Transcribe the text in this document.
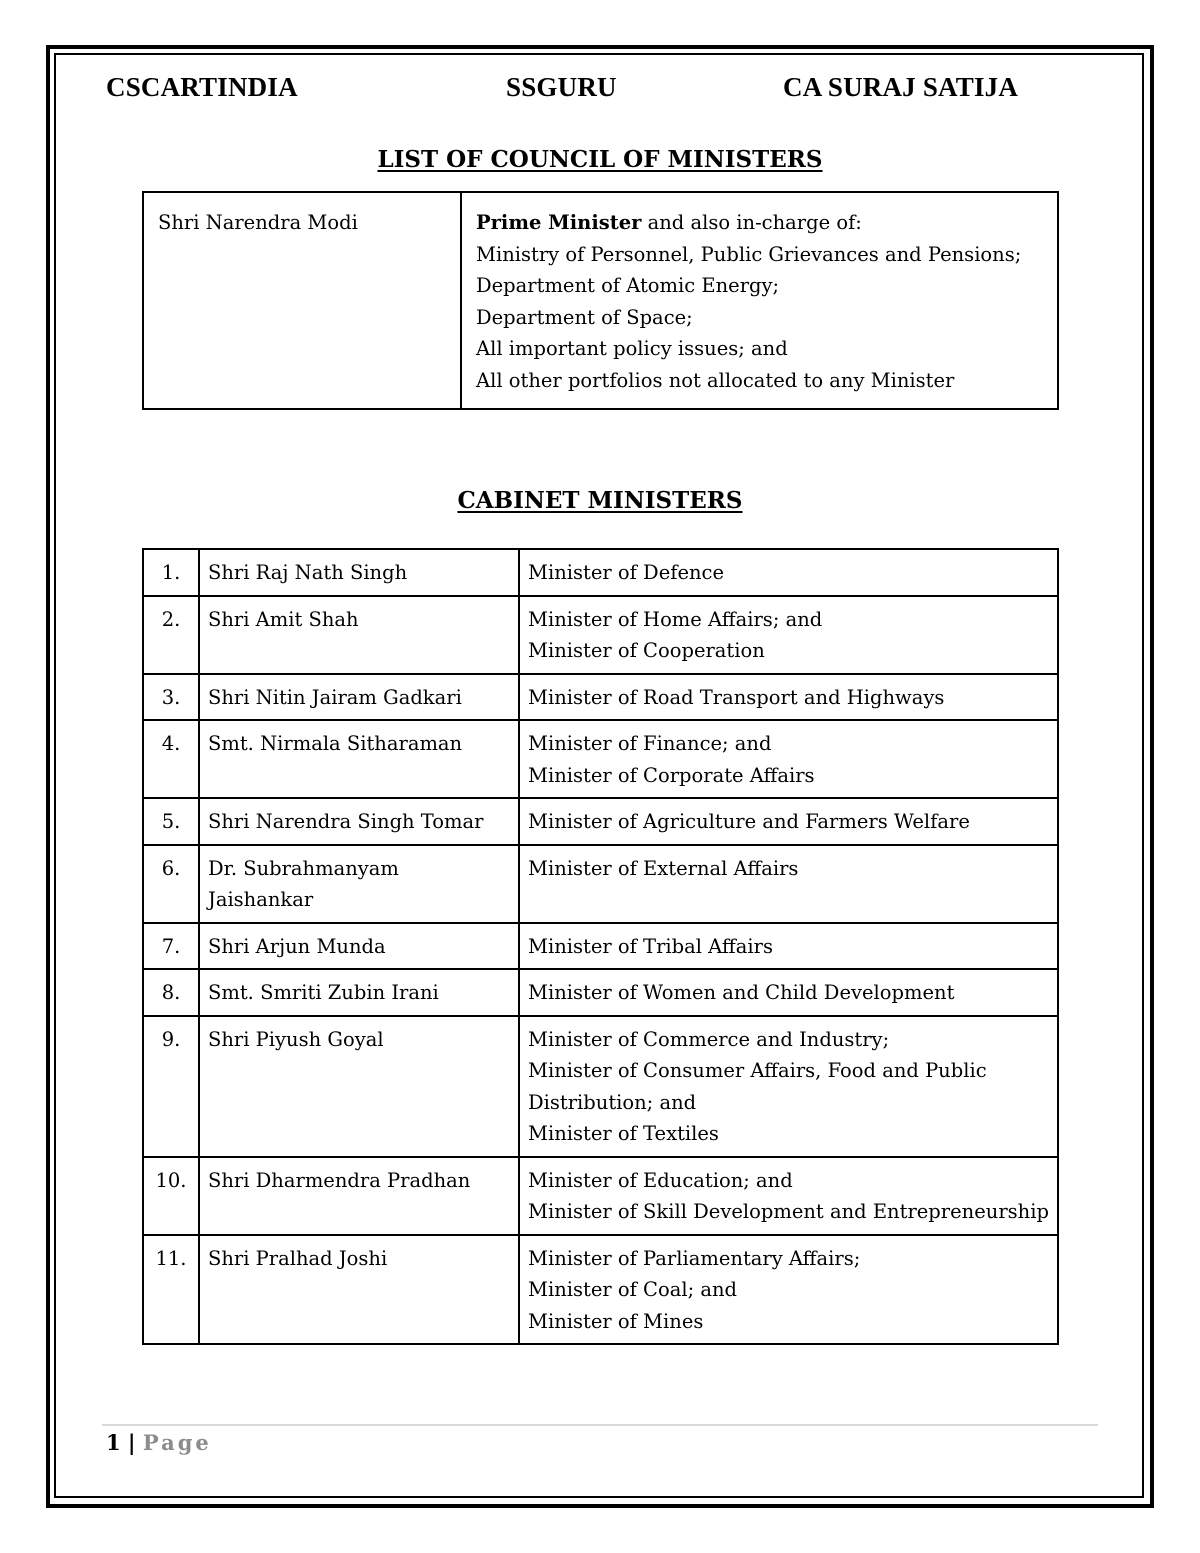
CSCARTINDIA	SSGURU	CA SURAJ SATIJA
LIST OF COUNCIL OF MINISTERS
Shri Narendra Modi	Prime Minister and also in-charge of:
Ministry of Personnel, Public Grievances and Pensions;
Department of Atomic Energy;
Department of Space;
All important policy issues; and
All other portfolios not allocated to any Minister
CABINET MINISTERS
1.	Shri Raj Nath Singh	Minister of Defence

2.	Shri Amit Shah	Minister of Home Affairs; and
Minister of Cooperation

3.	Shri Nitin Jairam Gadkari	Minister of Road Transport and Highways

4.	Smt. Nirmala Sitharaman	Minister of Finance; and
Minister of Corporate Affairs

5.	Shri Narendra Singh Tomar	Minister of Agriculture and Farmers Welfare

6.	Dr. Subrahmanyam Jaishankar	Minister of External Affairs

7.	Shri Arjun Munda	Minister of Tribal Affairs

8.	Smt. Smriti Zubin Irani	Minister of Women and Child Development

9.	Shri Piyush Goyal	Minister of Commerce and Industry;
Minister of Consumer Affairs, Food and Public Distribution; and
Minister of Textiles

10.	Shri Dharmendra Pradhan	Minister of Education; and
Minister of Skill Development and Entrepreneurship

11.	Shri Pralhad Joshi	Minister of Parliamentary Affairs;
Minister of Coal; and
Minister of Mines
1 | Page
